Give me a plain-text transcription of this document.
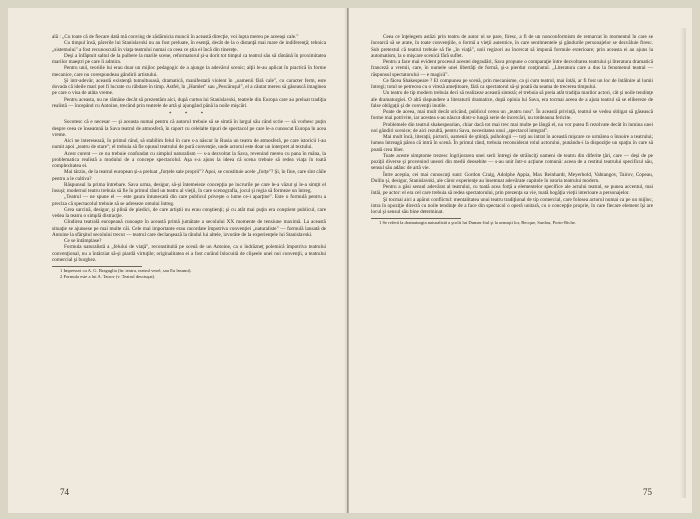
ală : „Cu toate că de fiecare dată mă conving de zădărnicia muncii în această direcţie, voi lupta mereu pe aceeaşi cale."

Cu timpul însă, părerile lui Stanislavski nu au fost preluate, în esenţă, decât de la o distanţă mai mare de indiferenţă; tehnica „sistemului" a fost recunoscută în viaţa teatrului numai ca ceea ce ştia el încă din tinereţe.

Deşi a înfăptuit saltul de la pulbere la marile scene, reformatorul şi-a dorit tot timpul ca teatrul său să rămână în proximitatea marilor maeştri pe care îi admira.

Pentru unii, teoriile lui erau doar un mijloc pedagogic de a ajunge la adevărul scenic; alţii le-au aplicat în practică în forme mecanice, care nu corespundeau gândirii artistului.

Şi intr-adevăr, această existenţă tumultuoasă, dramatică, manifestată violent în „oamenii fără cale", cu caracter ferm, este dovada că ideile mari pot fi lucrate cu răbdare în timp. Astfel, în „Hamlet" sau „Pescăruşul", el a căutat mereu să găsească imaginea pe care o visa de atâta vreme.

Pentru aceasta, nu ne rămâne decât să prezentăm aici, după curtea lui Stanislavski, teatrele din Europa care au preluat tradiţia realistă — începând cu Antoine, trecând prin teatrele de artă şi ajungând până la noile mişcări.

* * *

Socotesc că e necesar — şi aceasta numai pentru că autorul trebuie să se simtă în largul său când scrie — să vorbesc puţin despre ceea ce înseamnă la Sava teatrul de atmosferă, în raport cu celelalte tipuri de spectacol pe care le-a cunoscut Europa în acea vreme.

Aici ne interesează, în primul rând, să stabilim felul în care s-a născut în Rusia un teatru de atmosferă, pe care istoricii l-au numit apoi „teatru de stare"; el trebuia să fie opusul teatrului de pură convenţie, unde actorul este doar un interpret al textului.

Acest curent — ce nu trebuie confundat cu simplul naturalism — s-a dezvoltat la Sava, revenind mereu cu pana în mâna, la problematica realistă a modului de a concepe spectacolul. Aşa s-a ajuns la ideea că scena trebuie să redea viaţa în toată complexitatea ei.

Mai târziu, de la teatrul european și-a preluat „forțele sale proprii"? Apoi, se constituie acele „forţe"? Şi, în fine, care sînt căile pentru a le cultiva?

Răspunsul la prima întrebare. Sava urma, desigur, să-şi întemeieze concepţia pe lucrurile pe care le-a văzut şi le-a simţit el însuşi; modernul teatru trebuia să fie în primul rând un teatru al vieţii, în care scenografia, jocul şi regia să formeze un întreg.

„Teatrul — ne spune el — este gaura întunecată din care publicul priveşte o lume ce-i aparţine". Este o formulă pentru a preciza că spectacolul trebuie să se adreseze omului întreg.

Grea sarcină, desigur, şi plină de piedici, de care artiştii nu erau conştienţi; şi cu atât mai puţin era conştient publicul, care vedea la teatru o simplă distracţie.

Gîndirea teatrală europeană cunoaşte în această primă jumătate a secolului XX momente de tensiune maximă. La această situaţie se ajunsese pe mai multe căi. Cele mai importante erau racordate împotriva convenţiei „naturaliste" — formulă lansată de Antoine la sfârşitul secolului trecut — teatrul care declanşează la rândul lui altele, izvorâte de la experienţele lui Stanislavski.

Ce se întâmplase?

Formula naturalistă a „felului de viaţă", reconstituită pe scenă de un Antoine, ca o îndrăzneţ polemică împotriva teatrului convenţional, nu a întârziat să-şi piardă virtuţile; originalitatea ei a fost curând înlocuită de clişeele unei noi convenţii, a teatrului comercial şi burghez.

1 Impresuri cu A. G. Bragaglia (în: teatru, teatrul vesel, sau Eu însumi).
2 Formula este a lui A. Tairov (v. Teatrul desctuşat).
74

Ceea ce înţelegem astăzi prin teatru de autor ni se pare, firesc, a fi de un nonconformism de remarcat în momentul în care se încearcă să se arate, în toate convenţiile, o formă a vieţii autentice, în care sentimentele şi gândurile personajelor se dezvăluie firesc. Sub pretextul că teatrul trebuie să fie „în viaţă", unii regizori au încercat să impună formule exterioare; prin aceasta ei au ajuns la automatism, la o mişcare scenică fără suflet.

Pentru a face mai evident procesul acestei degradări, Sava propune o comparaţie între dezvoltarea teatrului şi literatura dramatică franceză a vremii, care, în numele unei libertăţi de formă, şi-a pierdut conţinutul. „Literatura care a dus la fenomenul teatral — răspunsul spectatorului — e magică".

Ce făcea Shakespeare ? El compunea pe scenă, prin mecanisme, ca şi cum teatrul, mai întâi, ar fi fost un loc de întâlnire al lumii întregi; totul se petrecea cu o viteză ameţitoare, fără ca spectatorul să-şi poată da seama de trecerea timpului.

Un teatru de tip modern trebuia deci să realizeze această sinteză; el trebuia să preia atât tradiţia marilor actori, cât şi noile tendinţe ale dramaturgiei. O altă răspundere a literaturii dramatice, după opinia lui Sava, era tocmai aceea de a ajuta teatrul să se elibereze de false obligaţii şi de convenţii inutile.

Poate de aceea, mai mult decât oricând, publicul cerea un „teatru nou". În această privinţă, teatrul se vedea obligat să găsească forme mai potrivite, iar acestea s-au născut dintr-o lungă serie de încercări, nu totdeauna fericite.

Problemele din teatrul shakespearian, chiar dacă tot mai trec mai multe pe lângă el, nu vor putea fi rezolvate decât în lumina unei noi gândiri scenice; de aici rezultă, pentru Sava, necesitatea unui „spectacol integral".

Mai mult încă, literaţii, pictorii, oamenii de ştiinţă, psihologii — toţi au intrat în această mişcare ce urmărea o înnoire a teatrului; lumea întreagă părea că intră în scenă. În primul rând, trebuia reconsiderat rolul actorului, punându-i la dispoziţie un spaţiu în care să poată crea liber.

Toate aceste simptome trezesc îngrijorarea unei serii întregi de străluciţi oameni de teatru din diferite ţări, care — deşi de pe poziţii diverse şi provenind uneori din medii deosebite — s-au unit într-o acţiune comună: aceea de a restitui teatrului specificul său, sensul său adânc de artă vie.

Între aceştia, cei mai cunoscuţi sunt: Gordon Craig, Adolphe Appia, Max Reinhardt, Meyerhold, Vahtangov, Tairov, Copeau, Dullin şi, desigur, Stanislavski, ale căror experienţe au însemnat adevărate capitole în istoria teatrului modern.

Pentru a găsi sensul adevărat al teatrului, cu toată acea forţă a elementelor specifice ale actului teatral, se punea accentul, mai întâi, pe actor: el era cel care trebuia să redea spectatorului, prin prezenţa sa vie, toată bogăţia vieţii interioare a personajelor.

Şi tocmai aici a apărut conflictul: mentalitatea unui teatru tradiţional de tip comercial, care folosea actorul numai ca pe un mijloc, intra în opoziţie directă cu noile tendinţe de a face din spectacol o operă unitară, cu o concepţie proprie, în care fiecare element îşi are locul şi sensul său bine determinat.

1 Se referă la dramaturgia naturalistă a şcolii lui Dumas-fiul şi la urmaşii lor, Becque, Sardou, Porto-Riche.
75
